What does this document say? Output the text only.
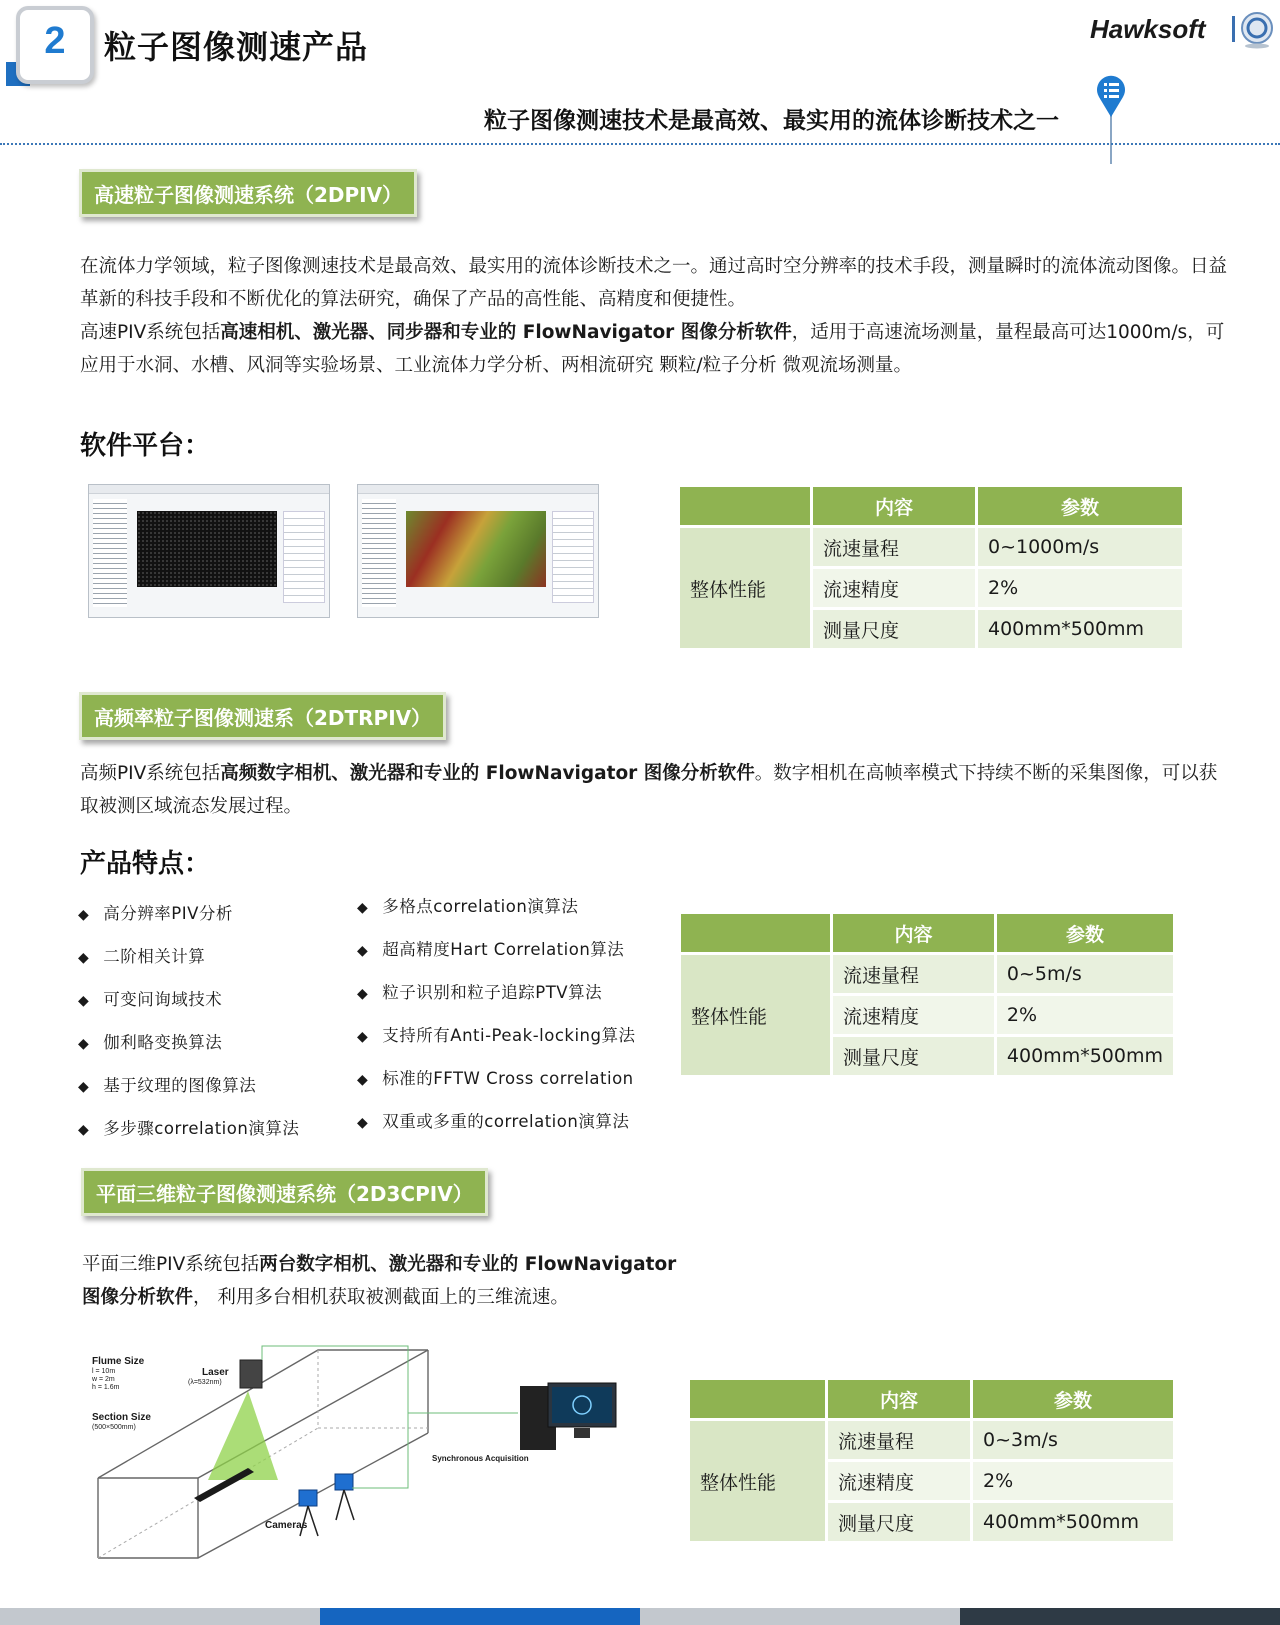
2	粒子图像测速产品	Hawksoft
粒子图像测速技术是最高效、最实用的流体诊断技术之一
高速粒子图像测速系统（2DPIV）
在流体力学领域，粒子图像测速技术是最高效、最实用的流体诊断技术之一。通过高时空分辨率的技术手段，测量瞬时的流体流动图像。日益革新的科技手段和不断优化的算法研究，确保了产品的高性能、高精度和便捷性。
高速PIV系统包括高速相机、激光器、同步器和专业的 FlowNavigator 图像分析软件，适用于高速流场测量，量程最高可达1000m/s，可应用于水洞、水槽、风洞等实验场景、工业流体力学分析、两相流研究 颗粒/粒子分析 微观流场测量。
软件平台：
	内容	参数
整体性能	流速量程	0~1000m/s
	流速精度	2%
	测量尺度	400mm*500mm
高频率粒子图像测速系（2DTRPIV）
高频PIV系统包括高频数字相机、激光器和专业的 FlowNavigator 图像分析软件。数字相机在高帧率模式下持续不断的采集图像，可以获取被测区域流态发展过程。
产品特点：
◆ 高分辨率PIV分析
◆ 二阶相关计算
◆ 可变问询域技术
◆ 伽利略变换算法
◆ 基于纹理的图像算法
◆ 多步骤correlation演算法
◆ 多格点correlation演算法
◆ 超高精度Hart Correlation算法
◆ 粒子识别和粒子追踪PTV算法
◆ 支持所有Anti-Peak-locking算法
◆ 标准的FFTW Cross correlation
◆ 双重或多重的correlation演算法
	内容	参数
整体性能	流速量程	0~5m/s
	流速精度	2%
	测量尺度	400mm*500mm
平面三维粒子图像测速系统（2D3CPIV）
平面三维PIV系统包括两台数字相机、激光器和专业的 FlowNavigator
图像分析软件， 利用多台相机获取被测截面上的三维流速。
Flume Size
l = 10m
w = 2m
h = 1.6m
Laser
(λ=532nm)
Section Size
(500×500mm)
Synchronous Acquisition
Cameras
	内容	参数
整体性能	流速量程	0~3m/s
	流速精度	2%
	测量尺度	400mm*500mm
